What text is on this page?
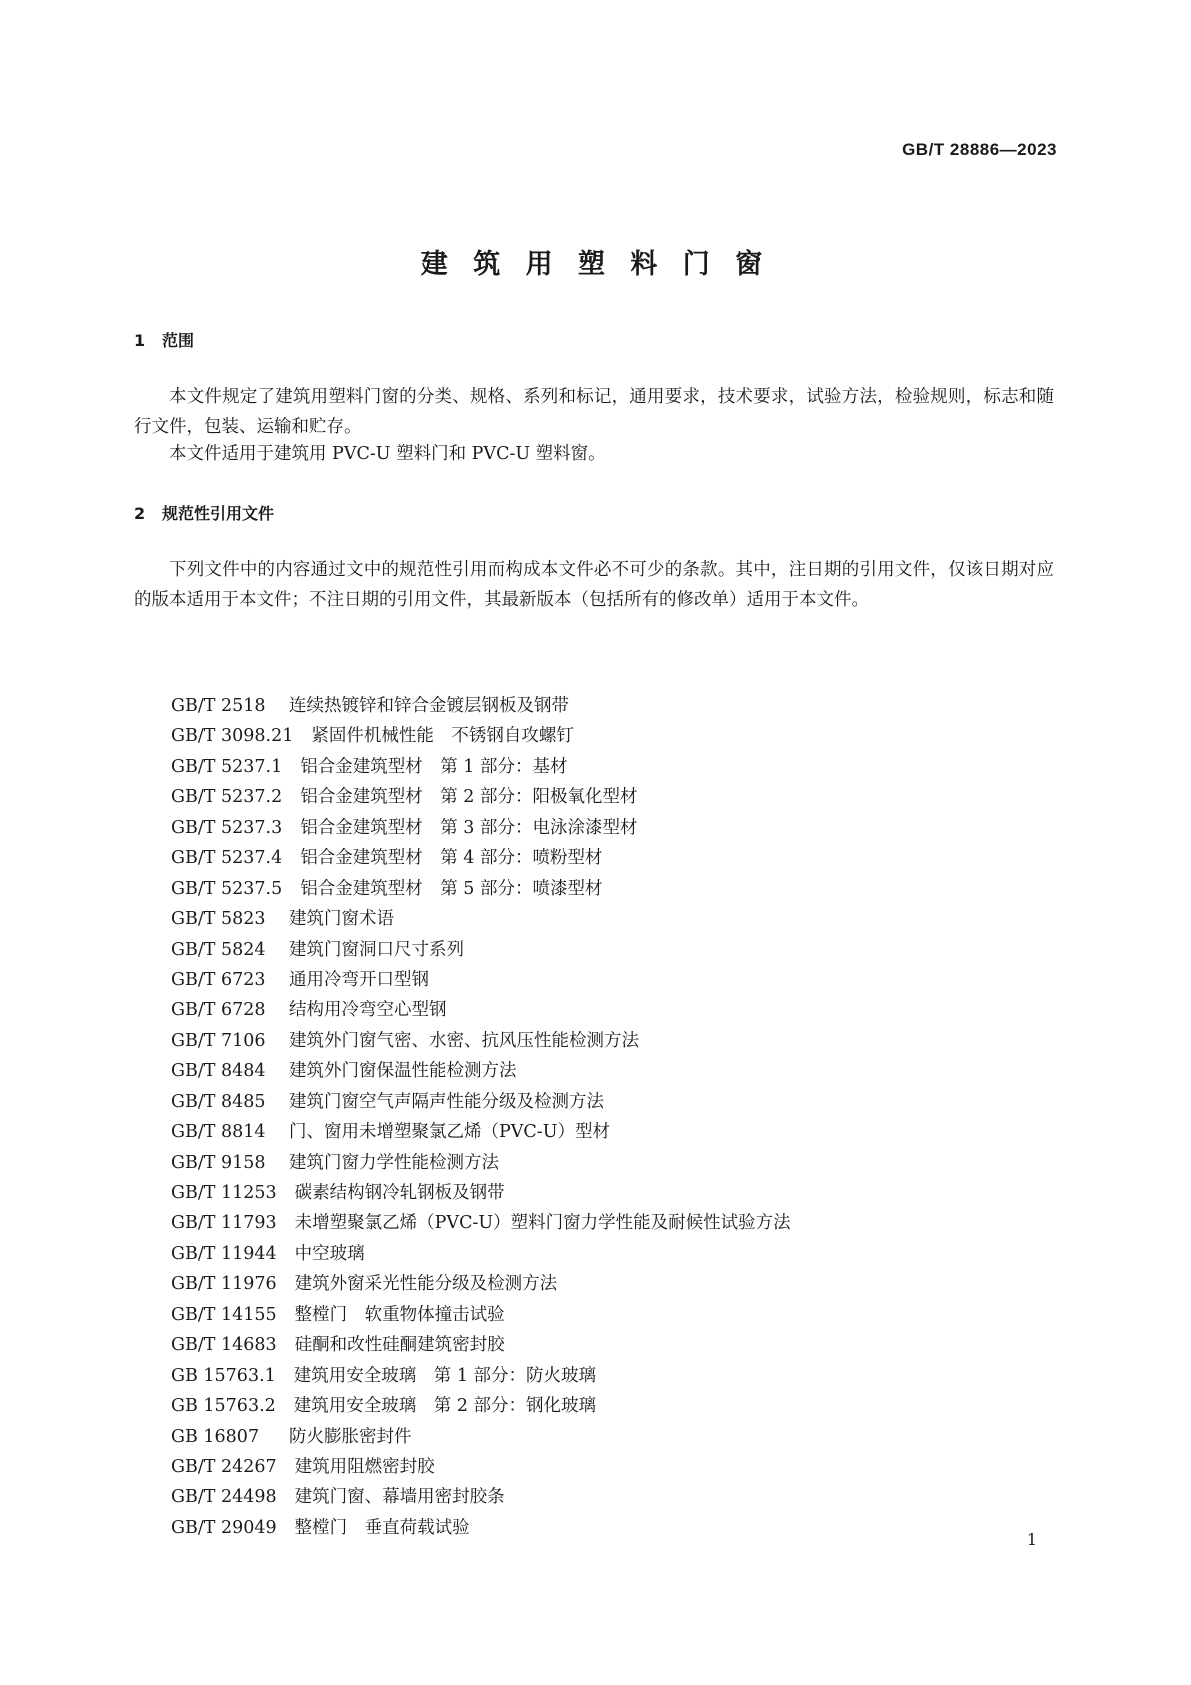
GB/T 28886—2023
建 筑 用 塑 料 门 窗
1 范围

本文件规定了建筑用塑料门窗的分类、规格、系列和标记，通用要求，技术要求，试验方法，检验规则，标志和随行文件，包装、运输和贮存。

本文件适用于建筑用 PVC-U 塑料门和 PVC-U 塑料窗。

2 规范性引用文件

下列文件中的内容通过文中的规范性引用而构成本文件必不可少的条款。其中，注日期的引用文件，仅该日期对应的版本适用于本文件；不注日期的引用文件，其最新版本（包括所有的修改单）适用于本文件。

GB/T 2518 连续热镀锌和锌合金镀层钢板及钢带
GB/T 3098.21 紧固件机械性能　不锈钢自攻螺钉
GB/T 5237.1 铝合金建筑型材　第 1 部分：基材
GB/T 5237.2 铝合金建筑型材　第 2 部分：阳极氧化型材
GB/T 5237.3 铝合金建筑型材　第 3 部分：电泳涂漆型材
GB/T 5237.4 铝合金建筑型材　第 4 部分：喷粉型材
GB/T 5237.5 铝合金建筑型材　第 5 部分：喷漆型材
GB/T 5823 建筑门窗术语
GB/T 5824 建筑门窗洞口尺寸系列
GB/T 6723 通用冷弯开口型钢
GB/T 6728 结构用冷弯空心型钢
GB/T 7106 建筑外门窗气密、水密、抗风压性能检测方法
GB/T 8484 建筑外门窗保温性能检测方法
GB/T 8485 建筑门窗空气声隔声性能分级及检测方法
GB/T 8814 门、窗用未增塑聚氯乙烯（PVC-U）型材
GB/T 9158 建筑门窗力学性能检测方法
GB/T 11253 碳素结构钢冷轧钢板及钢带
GB/T 11793 未增塑聚氯乙烯（PVC-U）塑料门窗力学性能及耐候性试验方法
GB/T 11944 中空玻璃
GB/T 11976 建筑外窗采光性能分级及检测方法
GB/T 14155 整樘门　软重物体撞击试验
GB/T 14683 硅酮和改性硅酮建筑密封胶
GB 15763.1 建筑用安全玻璃　第 1 部分：防火玻璃
GB 15763.2 建筑用安全玻璃　第 2 部分：钢化玻璃
GB 16807 防火膨胀密封件
GB/T 24267 建筑用阻燃密封胶
GB/T 24498 建筑门窗、幕墙用密封胶条
GB/T 29049 整樘门　垂直荷载试验
1
